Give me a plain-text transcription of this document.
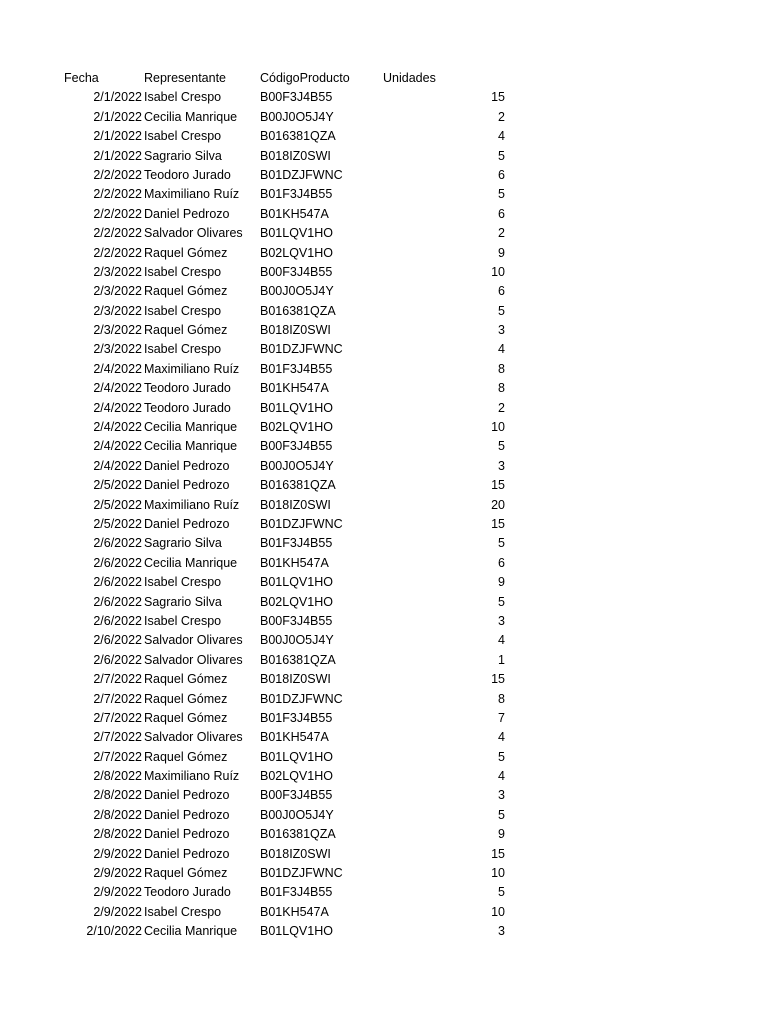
Fecha	Representante	CódigoProducto	Unidades
2/1/2022 Isabel Crespo	B00F3J4B55	15
2/1/2022 Cecilia Manrique	B00J0O5J4Y	2
2/1/2022 Isabel Crespo	B016381QZA	4
2/1/2022 Sagrario Silva	B018IZ0SWI	5
2/2/2022 Teodoro Jurado	B01DZJFWNC	6
2/2/2022 Maximiliano Ruíz	B01F3J4B55	5
2/2/2022 Daniel Pedrozo	B01KH547A	6
2/2/2022 Salvador Olivares	B01LQV1HO	2
2/2/2022 Raquel Gómez	B02LQV1HO	9
2/3/2022 Isabel Crespo	B00F3J4B55	10
2/3/2022 Raquel Gómez	B00J0O5J4Y	6
2/3/2022 Isabel Crespo	B016381QZA	5
2/3/2022 Raquel Gómez	B018IZ0SWI	3
2/3/2022 Isabel Crespo	B01DZJFWNC	4
2/4/2022 Maximiliano Ruíz	B01F3J4B55	8
2/4/2022 Teodoro Jurado	B01KH547A	8
2/4/2022 Teodoro Jurado	B01LQV1HO	2
2/4/2022 Cecilia Manrique	B02LQV1HO	10
2/4/2022 Cecilia Manrique	B00F3J4B55	5
2/4/2022 Daniel Pedrozo	B00J0O5J4Y	3
2/5/2022 Daniel Pedrozo	B016381QZA	15
2/5/2022 Maximiliano Ruíz	B018IZ0SWI	20
2/5/2022 Daniel Pedrozo	B01DZJFWNC	15
2/6/2022 Sagrario Silva	B01F3J4B55	5
2/6/2022 Cecilia Manrique	B01KH547A	6
2/6/2022 Isabel Crespo	B01LQV1HO	9
2/6/2022 Sagrario Silva	B02LQV1HO	5
2/6/2022 Isabel Crespo	B00F3J4B55	3
2/6/2022 Salvador Olivares	B00J0O5J4Y	4
2/6/2022 Salvador Olivares	B016381QZA	1
2/7/2022 Raquel Gómez	B018IZ0SWI	15
2/7/2022 Raquel Gómez	B01DZJFWNC	8
2/7/2022 Raquel Gómez	B01F3J4B55	7
2/7/2022 Salvador Olivares	B01KH547A	4
2/7/2022 Raquel Gómez	B01LQV1HO	5
2/8/2022 Maximiliano Ruíz	B02LQV1HO	4
2/8/2022 Daniel Pedrozo	B00F3J4B55	3
2/8/2022 Daniel Pedrozo	B00J0O5J4Y	5
2/8/2022 Daniel Pedrozo	B016381QZA	9
2/9/2022 Daniel Pedrozo	B018IZ0SWI	15
2/9/2022 Raquel Gómez	B01DZJFWNC	10
2/9/2022 Teodoro Jurado	B01F3J4B55	5
2/9/2022 Isabel Crespo	B01KH547A	10
2/10/2022 Cecilia Manrique	B01LQV1HO	3
